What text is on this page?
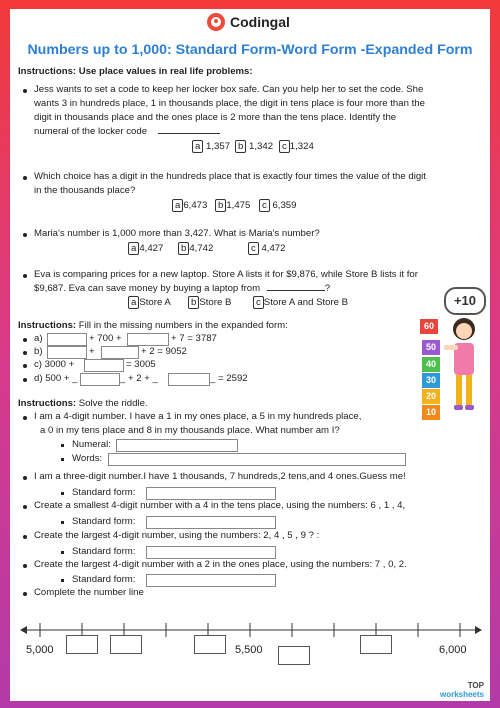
Codingal
Numbers up to 1,000: Standard Form-Word Form -Expanded Form
Instructions: Use place values in real life problems:
Jess wants to set a code to keep her locker box safe. Can you help her to set the code. She
wants 3 in hundreds place, 1 in thousands place, the digit in tens place is four more than the
digit in thousands place and the ones place is 2 more than the tens place. Identify the
numeral of the locker code
a 1,357 b 1,342 c 1,324
Which choice has a digit in the hundreds place that is exactly four times the value of the digit
in the thousands place?
a 6,473	b 1,475	c 6,359
Maria's number is 1,000 more than 3,427. What is Maria's number?
a 4,427	b 4,742	c 4,472
Eva is comparing prices for a new laptop. Store A lists it for $9,876, while Store B lists it for
$9,687. Eva can save money by buying a laptop from	?
a Store A	b Store B	c Store A and Store B
Instructions: Fill in the missing numbers in the expanded form:
a)	+ 700 +	+ 7 = 3787
b)	+	+ 2 = 9052
c) 3000 +	= 3005
d) 500 + _	_ + 2 + _	_ = 2592
+10
60
50
40
30
20
10
Instructions: Solve the riddle.
I am a 4-digit number. I have a 1 in my ones place, a 5 in my hundreds place,
a 0 in my tens place and 8 in my thousands place. What number am I?
Numeral:
Words:
I am a three-digit number.I have 1 thousands, 7 hundreds,2 tens,and 4 ones.Guess me!
Standard form:
Create a smallest 4-digit number with a 4 in the tens place, using the numbers: 6 , 1 , 4,
Standard form:
Create the largest 4-digit number, using the numbers: 2, 4 , 5 , 9 ? :
Standard form:
Create the largest 4-digit number with a 2 in the ones place, using the numbers: 7 , 0, 2.
Standard form:
Complete the number line
5,000	5,500	6,000
TOP
worksheets
